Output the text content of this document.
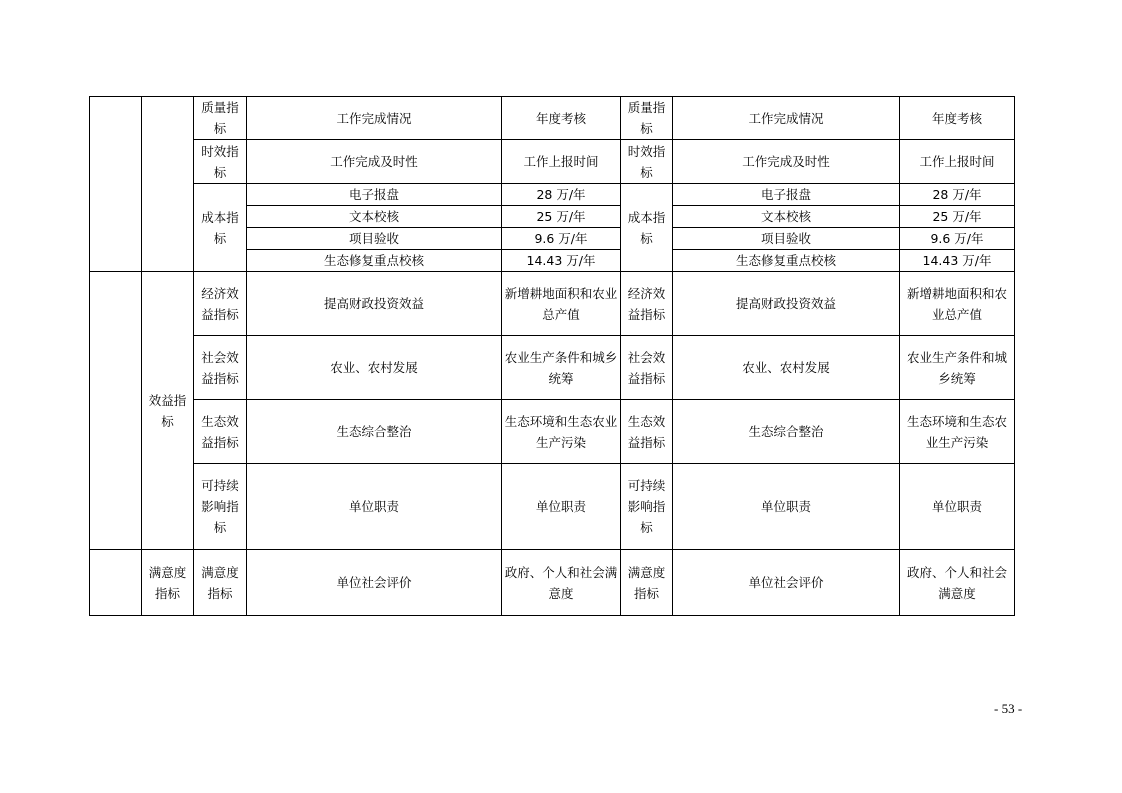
		质量指标	工作完成情况	年度考核	质量指标	工作完成情况	年度考核
		时效指标	工作完成及时性	工作上报时间	时效指标	工作完成及时性	工作上报时间
		成本指标	电子报盘	28 万/年	成本指标	电子报盘	28 万/年
			文本校核	25 万/年		文本校核	25 万/年
			项目验收	9.6 万/年		项目验收	9.6 万/年
			生态修复重点校核	14.43 万/年		生态修复重点校核	14.43 万/年
	效益指标	经济效益指标	提高财政投资效益	新增耕地面积和农业总产值	经济效益指标	提高财政投资效益	新增耕地面积和农业总产值
		社会效益指标	农业、农村发展	农业生产条件和城乡统筹	社会效益指标	农业、农村发展	农业生产条件和城乡统筹
		生态效益指标	生态综合整治	生态环境和生态农业生产污染	生态效益指标	生态综合整治	生态环境和生态农业生产污染
		可持续影响指标	单位职责	单位职责	可持续影响指标	单位职责	单位职责
	满意度指标	满意度指标	单位社会评价	政府、个人和社会满意度	满意度指标	单位社会评价	政府、个人和社会满意度
- 53 -
